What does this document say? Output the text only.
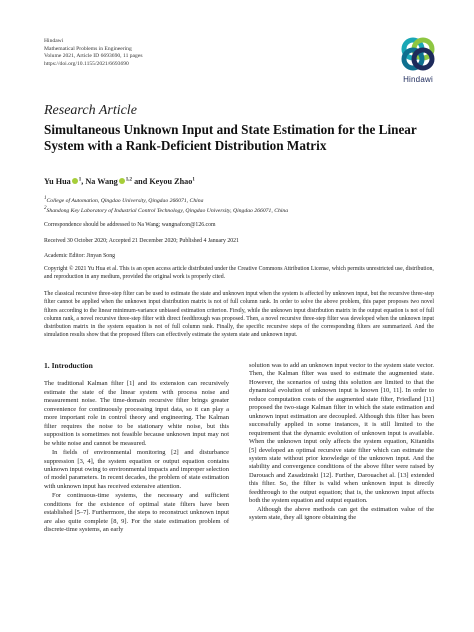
Hindawi
Mathematical Problems in Engineering
Volume 2021, Article ID 6693690, 11 pages
https://doi.org/10.1155/2021/6693690
Hindawi
Research Article
Simultaneous Unknown Input and State Estimation for the Linear System with a Rank-Deficient Distribution Matrix
Yu Hua $^1$, Na Wang $^{1,2}$ and Keyou Zhao$^1$
$^1$College of Automation, Qingdao University, Qingdao 266071, China
$^2$Shandong Key Laboratory of Industrial Control Technology, Qingdao University, Qingdao 266071, China
Correspondence should be addressed to Na Wang; wangnafcon@126.com
Received 30 October 2020; Accepted 21 December 2020; Published 4 January 2021
Academic Editor: Jinyan Song
Copyright © 2021 Yu Hua et al. This is an open access article distributed under the Creative Commons Attribution License, which permits unrestricted use, distribution, and reproduction in any medium, provided the original work is properly cited.
The classical recursive three-step filter can be used to estimate the state and unknown input when the system is affected by unknown input, but the recursive three-step filter cannot be applied when the unknown input distribution matrix is not of full column rank. In order to solve the above problem, this paper proposes two novel filters according to the linear minimum-variance unbiased estimation criterion. Firstly, while the unknown input distribution matrix in the output equation is not of full column rank, a novel recursive three-step filter with direct feedthrough was proposed. Then, a novel recursive three-step filter was developed when the unknown input distribution matrix in the system equation is not of full column rank. Finally, the specific recursive steps of the corresponding filters are summarized. And the simulation results show that the proposed filters can effectively estimate the system state and unknown input.
1. Introduction

The traditional Kalman filter [1] and its extension can recursively estimate the state of the linear system with process noise and measurement noise. The time-domain recursive filter brings greater convenience for continuously processing input data, so it can play a more important role in control theory and engineering. The Kalman filter requires the noise to be stationary white noise, but this supposition is sometimes not feasible because unknown input may not be white noise and cannot be measured.

In fields of environmental monitoring [2] and disturbance suppression [3, 4], the system equation or output equation contains unknown input owing to environmental impacts and improper selection of model parameters. In recent decades, the problem of state estimation with unknown input has received extensive attention.

For continuous-time systems, the necessary and sufficient conditions for the existence of optimal state filters have been established [5–7]. Furthermore, the steps to reconstruct unknown input are also quite complete [8, 9]. For the state estimation problem of discrete-time systems, an early

solution was to add an unknown input vector to the system state vector. Then, the Kalman filter was used to estimate the augmented state. However, the scenarios of using this solution are limited to that the dynamical evolution of unknown input is known [10, 11]. In order to reduce computation costs of the augmented state filter, Friedland [11] proposed the two-stage Kalman filter in which the state estimation and unknown input estimation are decoupled. Although this filter has been successfully applied in some instances, it is still limited to the requirement that the dynamic evolution of unknown input is available. When the unknown input only affects the system equation, Kitanidis [5] developed an optimal recursive state filter which can estimate the system state without prior knowledge of the unknown input. And the stability and convergence conditions of the above filter were raised by Darouach and Zasadzinski [12]. Further, Darouachet al. [13] extended this filter. So, the filter is valid when unknown input is directly feedthrough to the output equation; that is, the unknown input affects both the system equation and output equation.

Although the above methods can get the estimation value of the system state, they all ignore obtaining the
